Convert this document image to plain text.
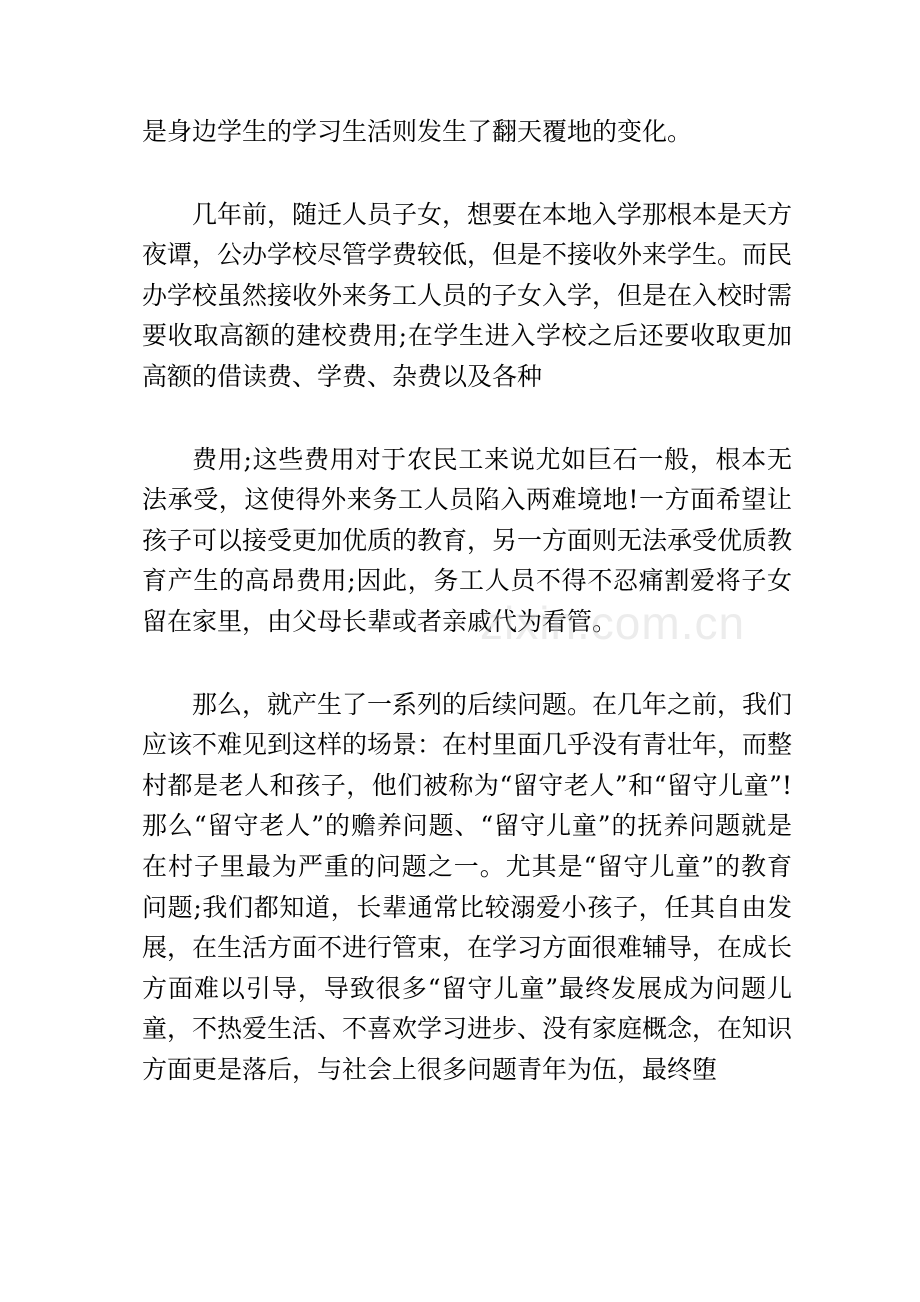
是身边学生的学习生活则发生了翻天覆地的变化。

几年前，随迁人员子女，想要在本地入学那根本是天方夜谭，公办学校尽管学费较低，但是不接收外来学生。而民办学校虽然接收外来务工人员的子女入学，但是在入校时需要收取高额的建校费用;在学生进入学校之后还要收取更加高额的借读费、学费、杂费以及各种

费用;这些费用对于农民工来说尤如巨石一般，根本无法承受，这使得外来务工人员陷入两难境地!一方面希望让孩子可以接受更加优质的教育，另一方面则无法承受优质教育产生的高昂费用;因此，务工人员不得不忍痛割爱将子女留在家里，由父母长辈或者亲戚代为看管。

那么，就产生了一系列的后续问题。在几年之前，我们应该不难见到这样的场景：在村里面几乎没有青壮年，而整村都是老人和孩子，他们被称为“留守老人”和“留守儿童”!那么“留守老人”的赡养问题、“留守儿童”的抚养问题就是在村子里最为严重的问题之一。尤其是“留守儿童”的教育问题;我们都知道，长辈通常比较溺爱小孩子，任其自由发展，在生活方面不进行管束，在学习方面很难辅导，在成长方面难以引导，导致很多“留守儿童”最终发展成为问题儿童，不热爱生活、不喜欢学习进步、没有家庭概念，在知识方面更是落后，与社会上很多问题青年为伍，最终堕

zixin.com.cn
